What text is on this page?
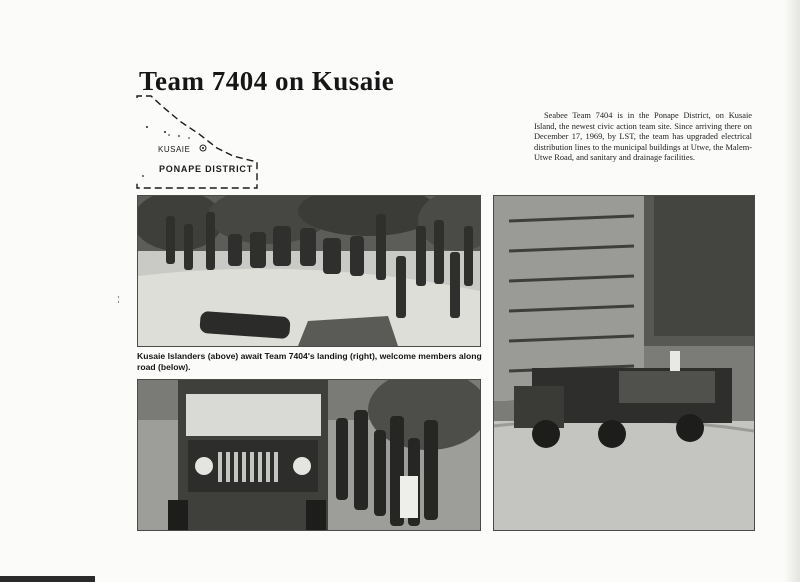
Team 7404 on Kusaie
KUSAIE
PONAPE DISTRICT

Seabee Team 7404 is in the Ponape District, on Kusaie Island, the newest civic action team site. Since arriving there on December 17, 1969, by LST, the team has upgraded electrical distribution lines to the municipal buildings at Utwe, the Malem-Utwe Road, and sanitary and drainage facilities.

Kusaie Islanders (above) await Team 7404's landing (right), welcome members along road (below).
